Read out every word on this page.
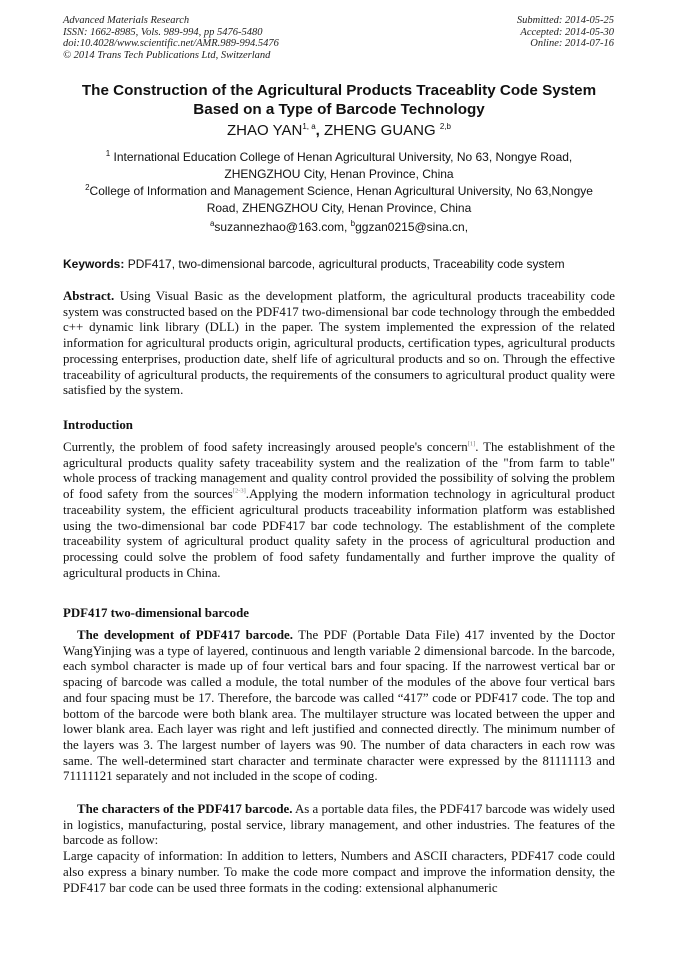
Advanced Materials Research
ISSN: 1662-8985, Vols. 989-994, pp 5476-5480
doi:10.4028/www.scientific.net/AMR.989-994.5476
© 2014 Trans Tech Publications Ltd, Switzerland
Submitted: 2014-05-25
Accepted: 2014-05-30
Online: 2014-07-16
The Construction of the Agricultural Products Traceablity Code System
Based on a Type of Barcode Technology
ZHAO YAN$^{1, a}$, ZHENG GUANG $^{2,b}$
$^1$ International Education College of Henan Agricultural University, No 63, Nongye Road,
ZHENGZHOU City, Henan Province, China
$^2$College of Information and Management Science, Henan Agricultural University, No 63,Nongye
Road, ZHENGZHOU City, Henan Province, China
$^a$suzannezhao@163.com, $^b$ggzan0215@sina.cn,
Keywords: PDF417, two-dimensional barcode, agricultural products, Traceability code system
Abstract. Using Visual Basic as the development platform, the agricultural products traceability code system was constructed based on the PDF417 two-dimensional bar code technology through the embedded c++ dynamic link library (DLL) in the paper. The system implemented the expression of the related information for agricultural products origin, agricultural products, certification types, agricultural products processing enterprises, production date, shelf life of agricultural products and so on. Through the effective traceability of agricultural products, the requirements of the consumers to agricultural product quality were satisfied by the system.
Introduction
Currently, the problem of food safety increasingly aroused people's concern[1]. The establishment of the agricultural products quality safety traceability system and the realization of the "from farm to table" whole process of tracking management and quality control provided the possibility of solving the problem of food safety from the sources[2-3].Applying the modern information technology in agricultural product traceability system, the efficient agricultural products traceability information platform was established using the two-dimensional bar code PDF417 bar code technology. The establishment of the complete traceability system of agricultural product quality safety in the process of agricultural production and processing could solve the problem of food safety fundamentally and further improve the quality of agricultural products in China.
PDF417 two-dimensional barcode
The development of PDF417 barcode. The PDF (Portable Data File) 417 invented by the Doctor WangYinjing was a type of layered, continuous and length variable 2 dimensional barcode. In the barcode, each symbol character is made up of four vertical bars and four spacing. If the narrowest vertical bar or spacing of barcode was called a module, the total number of the modules of the above four vertical bars and four spacing must be 17. Therefore, the barcode was called “417” code or PDF417 code. The top and bottom of the barcode were both blank area. The multilayer structure was located between the upper and lower blank area. Each layer was right and left justified and connected directly. The minimum number of the layers was 3. The largest number of layers was 90. The number of data characters in each row was same. The well-determined start character and terminate character were expressed by the 81111113 and 71111121 separately and not included in the scope of coding.
The characters of the PDF417 barcode. As a portable data files, the PDF417 barcode was widely used in logistics, manufacturing, postal service, library management, and other industries. The features of the barcode as follow:
Large capacity of information: In addition to letters, Numbers and ASCII characters, PDF417 code could also express a binary number. To make the code more compact and improve the information density, the PDF417 bar code can be used three formats in the coding: extensional alphanumeric
